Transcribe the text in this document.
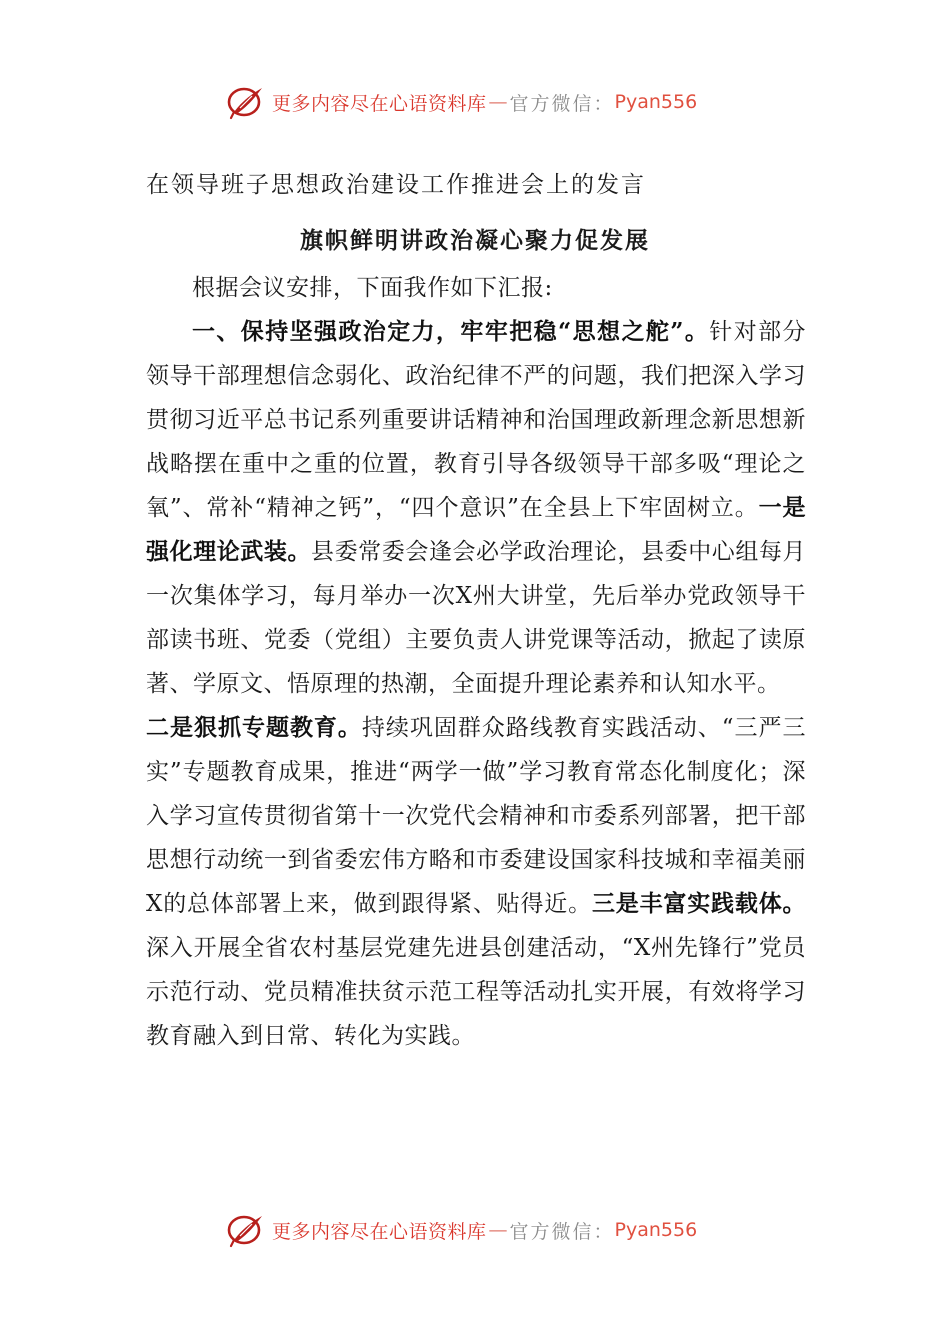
更多内容尽在心语资料库 — 官方微信： Pyan556
在领导班子思想政治建设工作推进会上的发言
旗帜鲜明讲政治凝心聚力促发展

根据会议安排，下面我作如下汇报:

一、保持坚强政治定力，牢牢把稳“思想之舵”。针对部分领导干部理想信念弱化、政治纪律不严的问题，我们把深入学习贯彻习近平总书记系列重要讲话精神和治国理政新理念新思想新战略摆在重中之重的位置，教育引导各级领导干部多吸“理论之氧”、常补“精神之钙”，“四个意识”在全县上下牢固树立。一是强化理论武装。县委常委会逢会必学政治理论，县委中心组每月一次集体学习，每月举办一次X州大讲堂，先后举办党政领导干部读书班、党委（党组）主要负责人讲党课等活动，掀起了读原著、学原文、悟原理的热潮，全面提升理论素养和认知水平。

二是狠抓专题教育。持续巩固群众路线教育实践活动、“三严三实”专题教育成果，推进“两学一做”学习教育常态化制度化；深入学习宣传贯彻省第十一次党代会精神和市委系列部署，把干部思想行动统一到省委宏伟方略和市委建设国家科技城和幸福美丽X的总体部署上来，做到跟得紧、贴得近。三是丰富实践载体。深入开展全省农村基层党建先进县创建活动，“X州先锋行”党员示范行动、党员精准扶贫示范工程等活动扎实开展，有效将学习教育融入到日常、转化为实践。

更多内容尽在心语资料库 — 官方微信： Pyan556
